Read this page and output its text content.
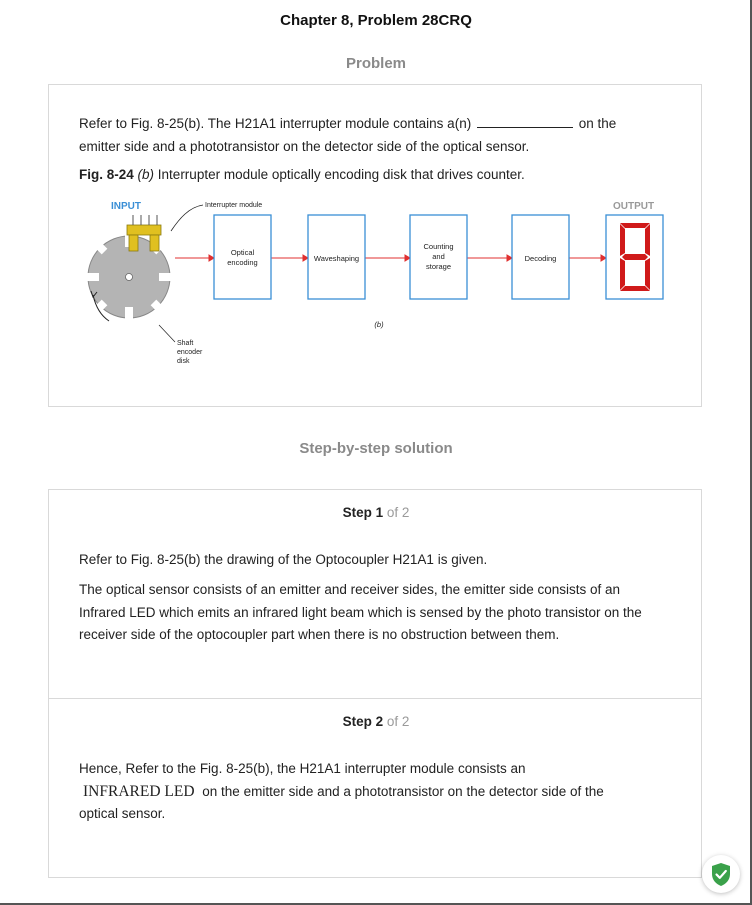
Chapter 8, Problem 28CRQ
Problem
Refer to Fig. 8-25(b). The H21A1 interrupter module contains a(n)	on the
emitter side and a phototransistor on the detector side of the optical sensor.
Fig. 8-24 (b) Interrupter module optically encoding disk that drives counter.
INPUT	OUTPUT
Interrupter module
Shaft
encoder
disk
Optical
encoding	Waveshaping
Counting
and
storage
Decoding
(b)
Step-by-step solution
Step 1 of 2
Refer to Fig. 8-25(b) the drawing of the Optocoupler H21A1 is given.
The optical sensor consists of an emitter and receiver sides, the emitter side consists of an
Infrared LED which emits an infrared light beam which is sensed by the photo transistor on the
receiver side of the optocoupler part when there is no obstruction between them.
Step 2 of 2
Hence, Refer to the Fig. 8-25(b), the H21A1 interrupter module consists an
INFRARED LED on the emitter side and a phototransistor on the detector side of the
optical sensor.
